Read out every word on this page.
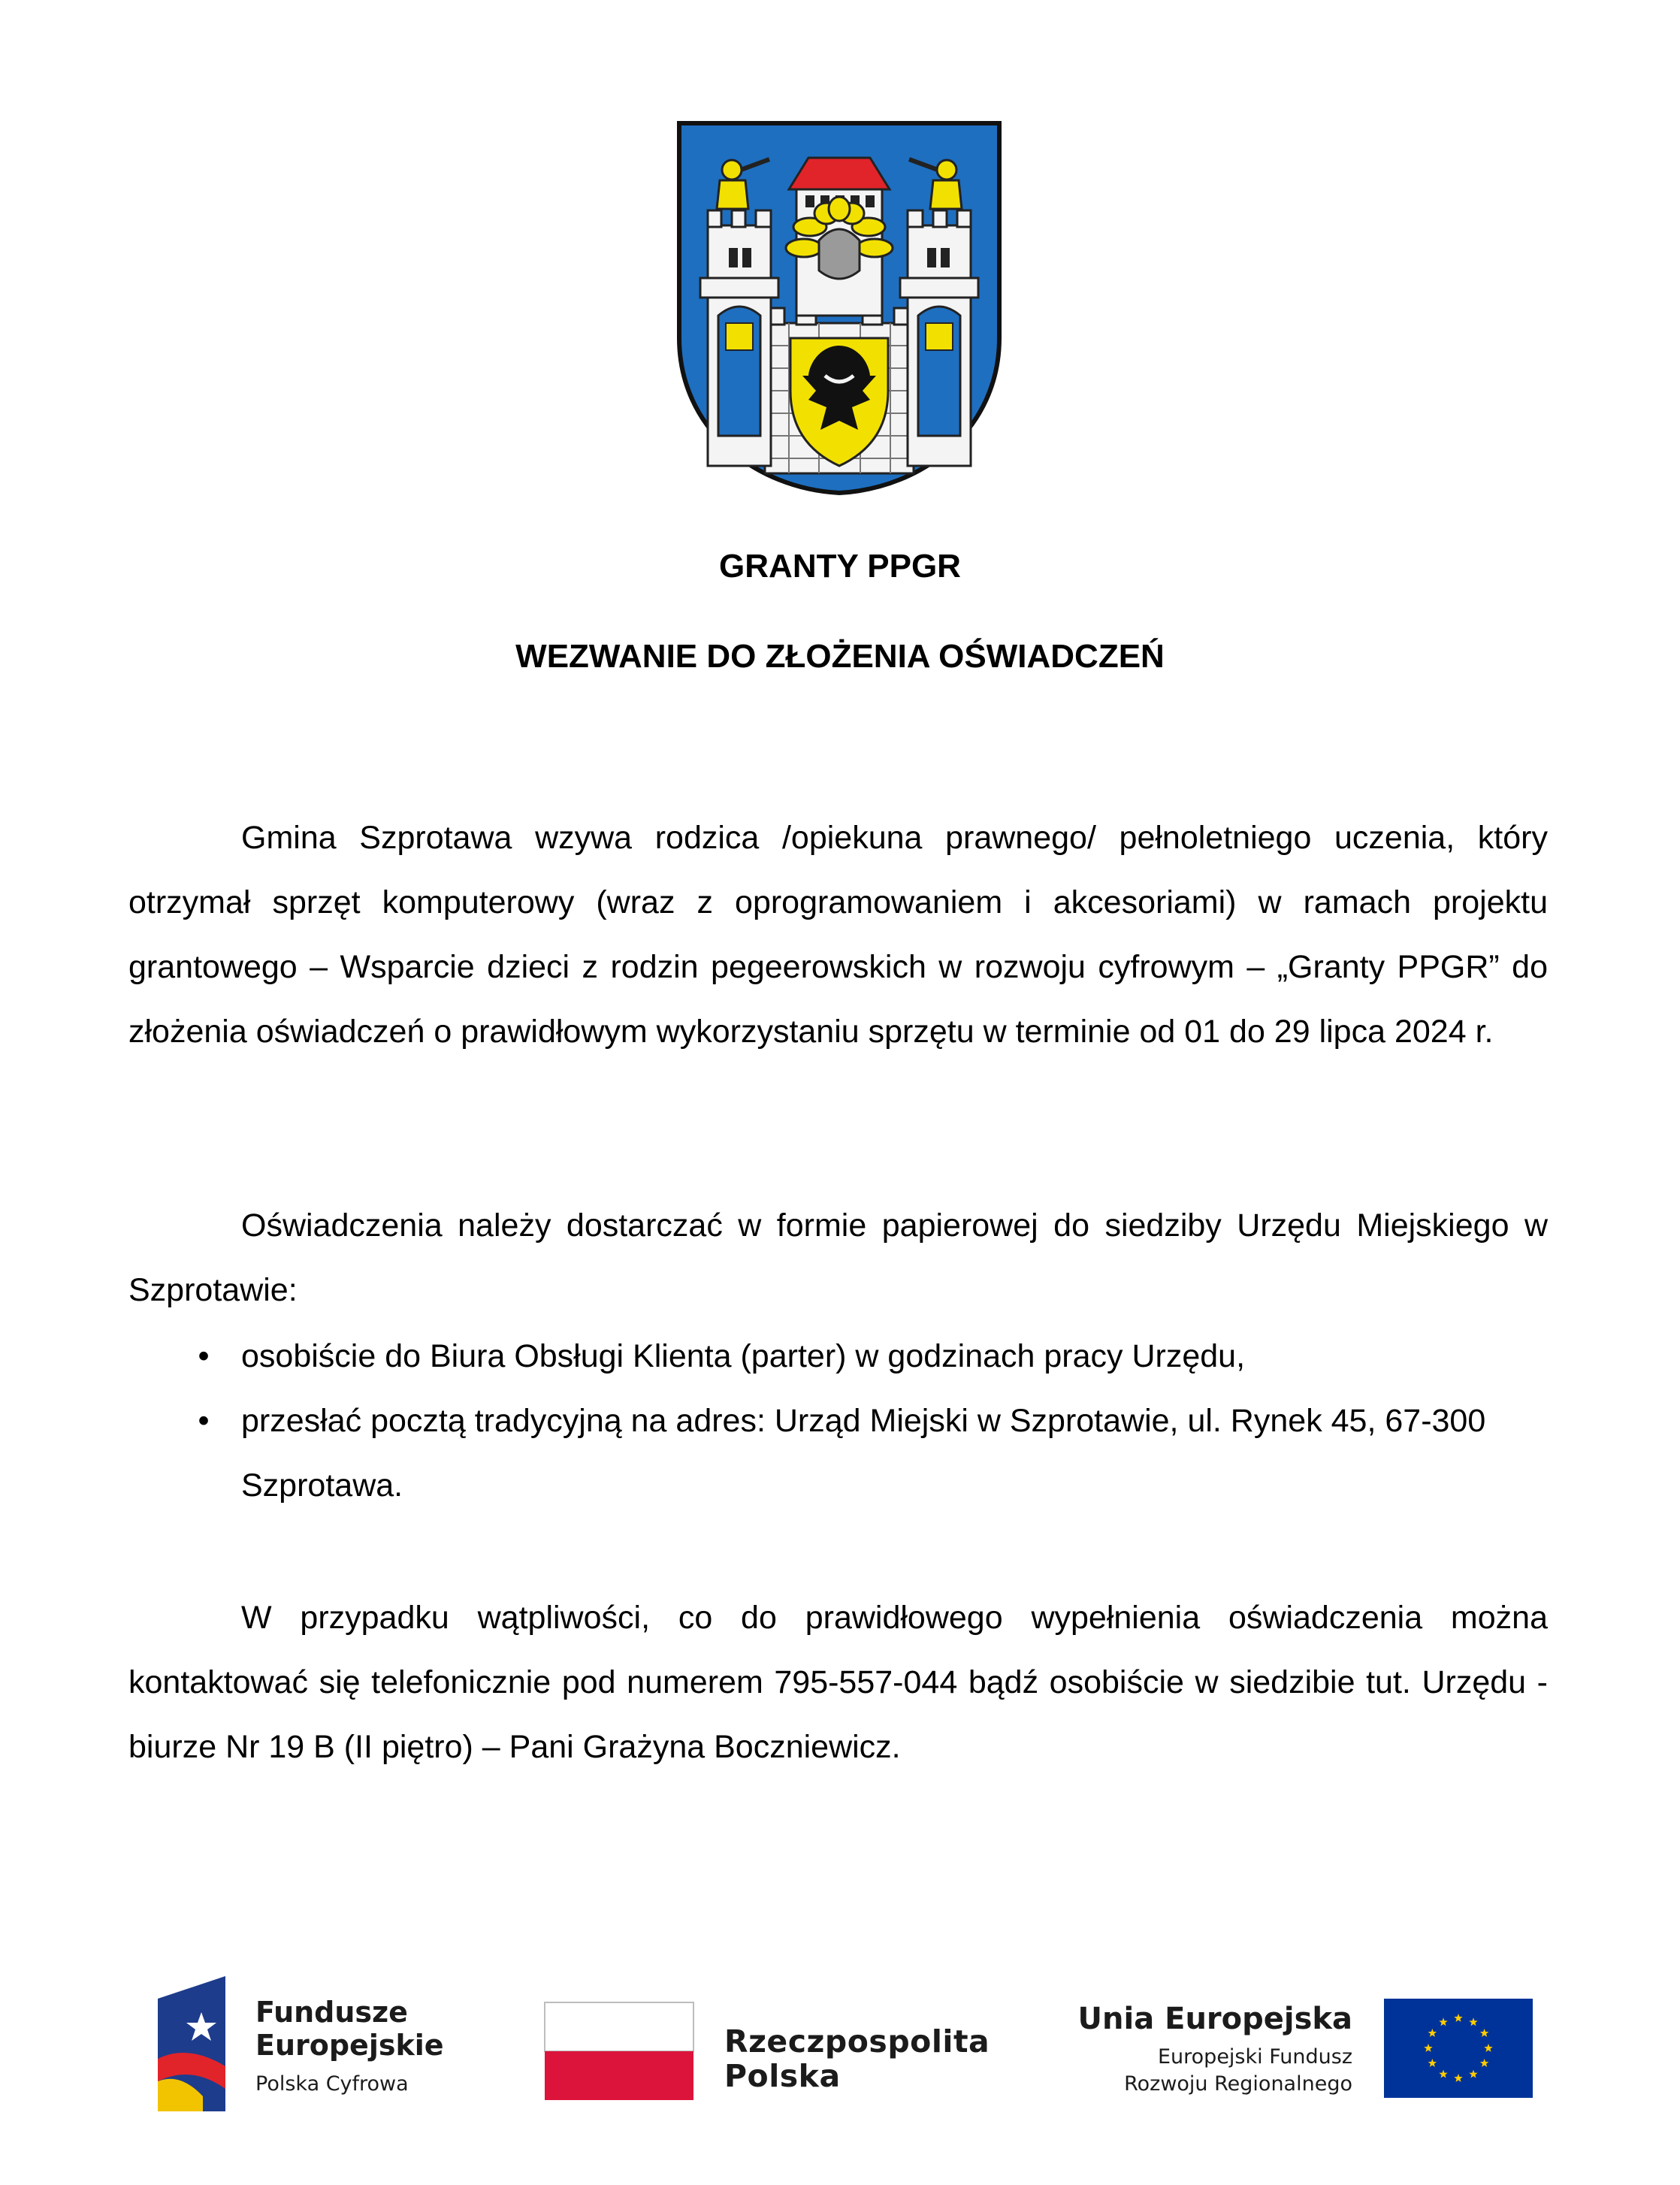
GRANTY PPGR
WEZWANIE DO ZŁOŻENIA OŚWIADCZEŃ

Gmina Szprotawa wzywa rodzica /opiekuna prawnego/ pełnoletniego uczenia, który otrzymał sprzęt komputerowy (wraz z oprogramowaniem i akcesoriami) w ramach projektu grantowego – Wsparcie dzieci z rodzin pegeerowskich w rozwoju cyfrowym – „Granty PPGR” do złożenia oświadczeń o prawidłowym wykorzystaniu sprzętu w terminie od 01 do 29 lipca 2024 r.

Oświadczenia należy dostarczać w formie papierowej do siedziby Urzędu Miejskiego w Szprotawie:

• osobiście do Biura Obsługi Klienta (parter) w godzinach pracy Urzędu,
• przesłać pocztą tradycyjną na adres: Urząd Miejski w Szprotawie, ul. Rynek 45, 67-300 Szprotawa.

W przypadku wątpliwości, co do prawidłowego wypełnienia oświadczenia można kontaktować się telefonicznie pod numerem 795-557-044 bądź osobiście w siedzibie tut. Urzędu - biurze Nr 19 B (II piętro) – Pani Grażyna Boczniewicz.

Fundusze
Europejskie
Polska Cyfrowa
Rzeczpospolita
Polska
Unia Europejska
Europejski Fundusz
Rozwoju Regionalnego
